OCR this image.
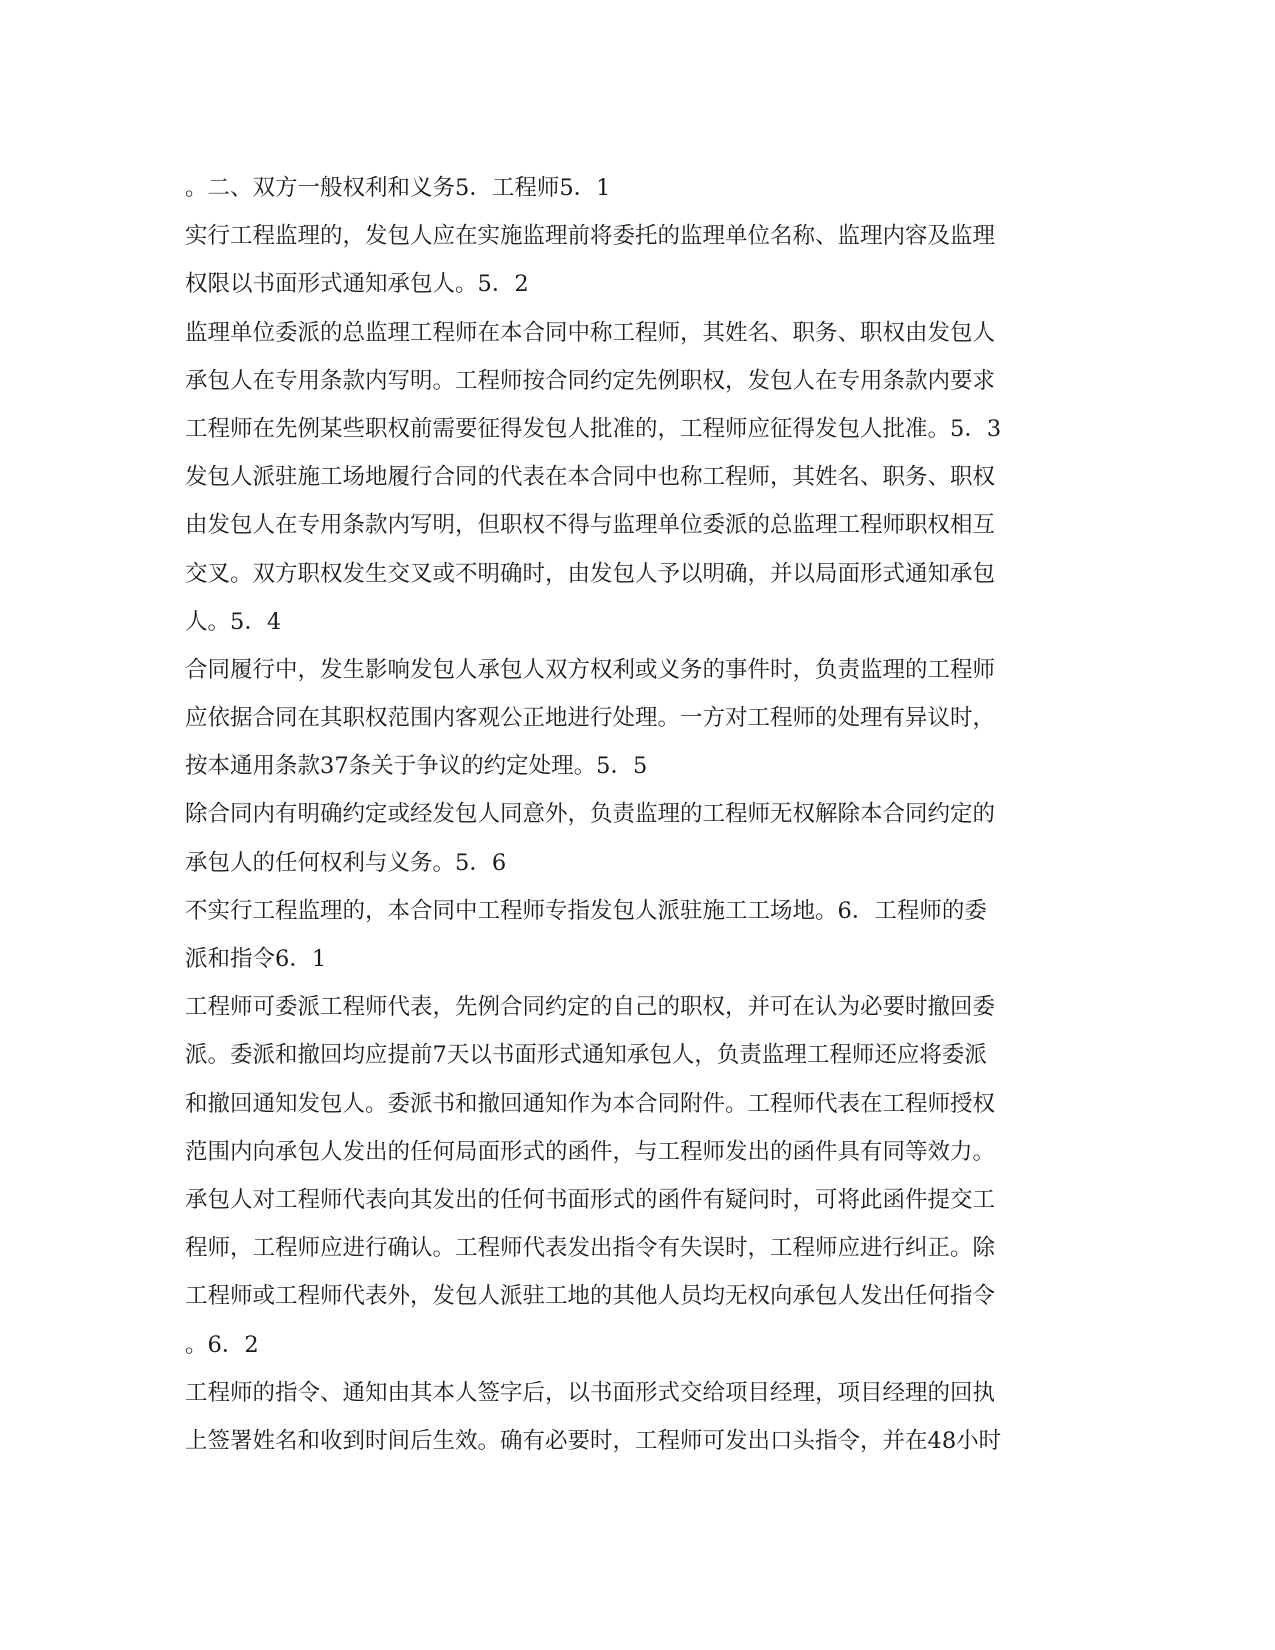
。二、双方一般权利和义务5．工程师5．1
实行工程监理的，发包人应在实施监理前将委托的监理单位名称、监理内容及监理
权限以书面形式通知承包人。5．2
监理单位委派的总监理工程师在本合同中称工程师，其姓名、职务、职权由发包人
承包人在专用条款内写明。工程师按合同约定先例职权，发包人在专用条款内要求
工程师在先例某些职权前需要征得发包人批准的，工程师应征得发包人批准。5．3
发包人派驻施工场地履行合同的代表在本合同中也称工程师，其姓名、职务、职权
由发包人在专用条款内写明，但职权不得与监理单位委派的总监理工程师职权相互
交叉。双方职权发生交叉或不明确时，由发包人予以明确，并以局面形式通知承包
人。5．4
合同履行中，发生影响发包人承包人双方权利或义务的事件时，负责监理的工程师
应依据合同在其职权范围内客观公正地进行处理。一方对工程师的处理有异议时，
按本通用条款37条关于争议的约定处理。5．5
除合同内有明确约定或经发包人同意外，负责监理的工程师无权解除本合同约定的
承包人的任何权利与义务。5．6
不实行工程监理的，本合同中工程师专指发包人派驻施工工场地。6．工程师的委
派和指令6．1
工程师可委派工程师代表，先例合同约定的自己的职权，并可在认为必要时撤回委
派。委派和撤回均应提前7天以书面形式通知承包人，负责监理工程师还应将委派
和撤回通知发包人。委派书和撤回通知作为本合同附件。工程师代表在工程师授权
范围内向承包人发出的任何局面形式的函件，与工程师发出的函件具有同等效力。
承包人对工程师代表向其发出的任何书面形式的函件有疑问时，可将此函件提交工
程师，工程师应进行确认。工程师代表发出指令有失误时，工程师应进行纠正。除
工程师或工程师代表外，发包人派驻工地的其他人员均无权向承包人发出任何指令
。6．2
工程师的指令、通知由其本人签字后，以书面形式交给项目经理，项目经理的回执
上签署姓名和收到时间后生效。确有必要时，工程师可发出口头指令，并在48小时
